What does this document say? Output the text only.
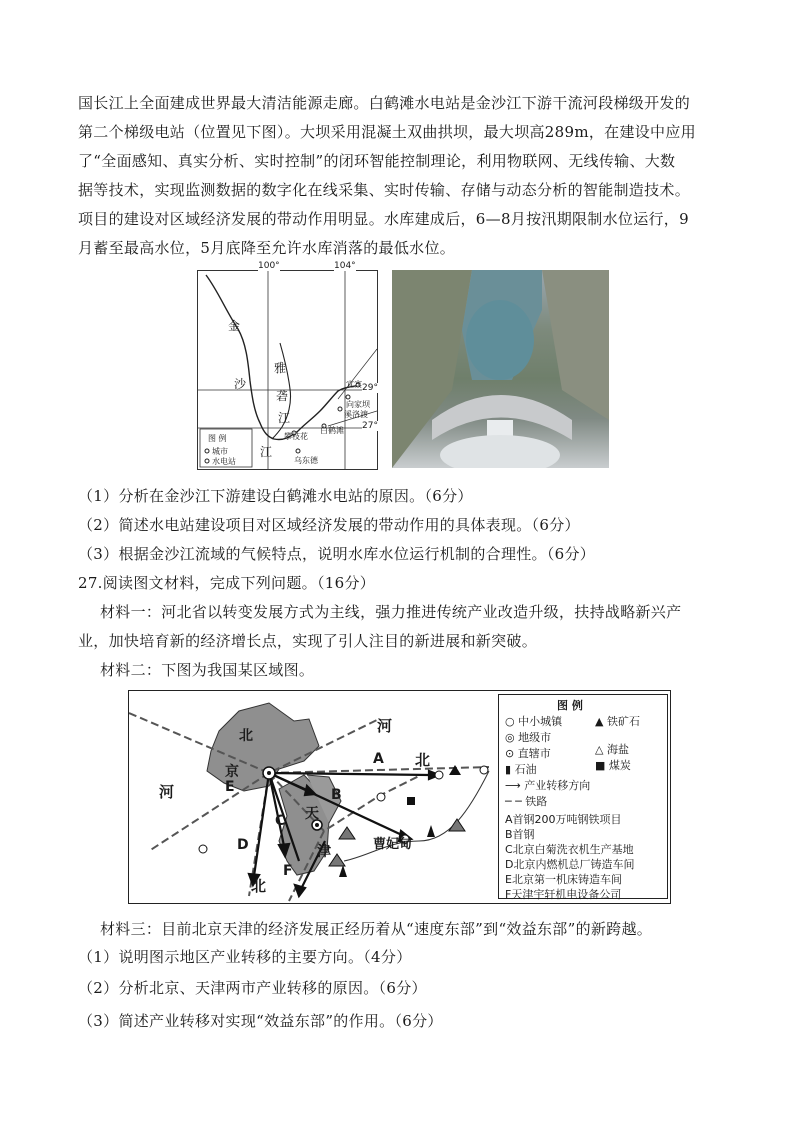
国长江上全面建成世界最大清洁能源走廊。白鹤滩水电站是金沙江下游干流河段梯级开发的
第二个梯级电站（位置见下图）。大坝采用混凝土双曲拱坝，最大坝高289m，在建设中应用
了“全面感知、真实分析、实时控制”的闭环智能控制理论，利用物联网、无线传输、大数
据等技术，实现监测数据的数字化在线采集、实时传输、存储与动态分析的智能制造技术。
项目的建设对区域经济发展的带动作用明显。水库建成后，6—8月按汛期限制水位运行，9
月蓄至最高水位，5月底降至允许水库消落的最低水位。
100°	104°
29°
27°
金
沙
雅
砻
江
江
宜宾
向家坝
溪洛渡
白鹤滩
攀枝花
乌东德
图 例
城市
水电站
（1）分析在金沙江下游建设白鹤滩水电站的原因。（6分）
（2）简述水电站建设项目对区域经济发展的带动作用的具体表现。（6分）
（3）根据金沙江流域的气候特点，说明水库水位运行机制的合理性。（6分）
27.阅读图文材料，完成下列问题。（16分）
材料一：河北省以转变发展方式为主线，强力推进传统产业改造升级，扶持战略新兴产
业，加快培育新的经济增长点，实现了引人注目的新进展和新突破。
材料二：下图为我国某区域图。
河
北
河
北
北
京
天
津	曹妃甸
A
B
C
D
E
F
图 例
○ 中小城镇	▲ 铁矿石
◎ 地级市
⊙ 直辖市	△ 海盐
■ 煤炭
▮ 石油
⟶ 产业转移方向
─ ─ 铁路
A首钢200万吨钢铁项目
B首钢
C北京白菊洗衣机生产基地
D北京内燃机总厂铸造车间
E北京第一机床铸造车间
F天津宇轩机电设备公司
材料三：目前北京天津的经济发展正经历着从“速度东部”到“效益东部”的新跨越。
（1）说明图示地区产业转移的主要方向。（4分）
（2）分析北京、天津两市产业转移的原因。（6分）
（3）简述产业转移对实现“效益东部”的作用。（6分）
